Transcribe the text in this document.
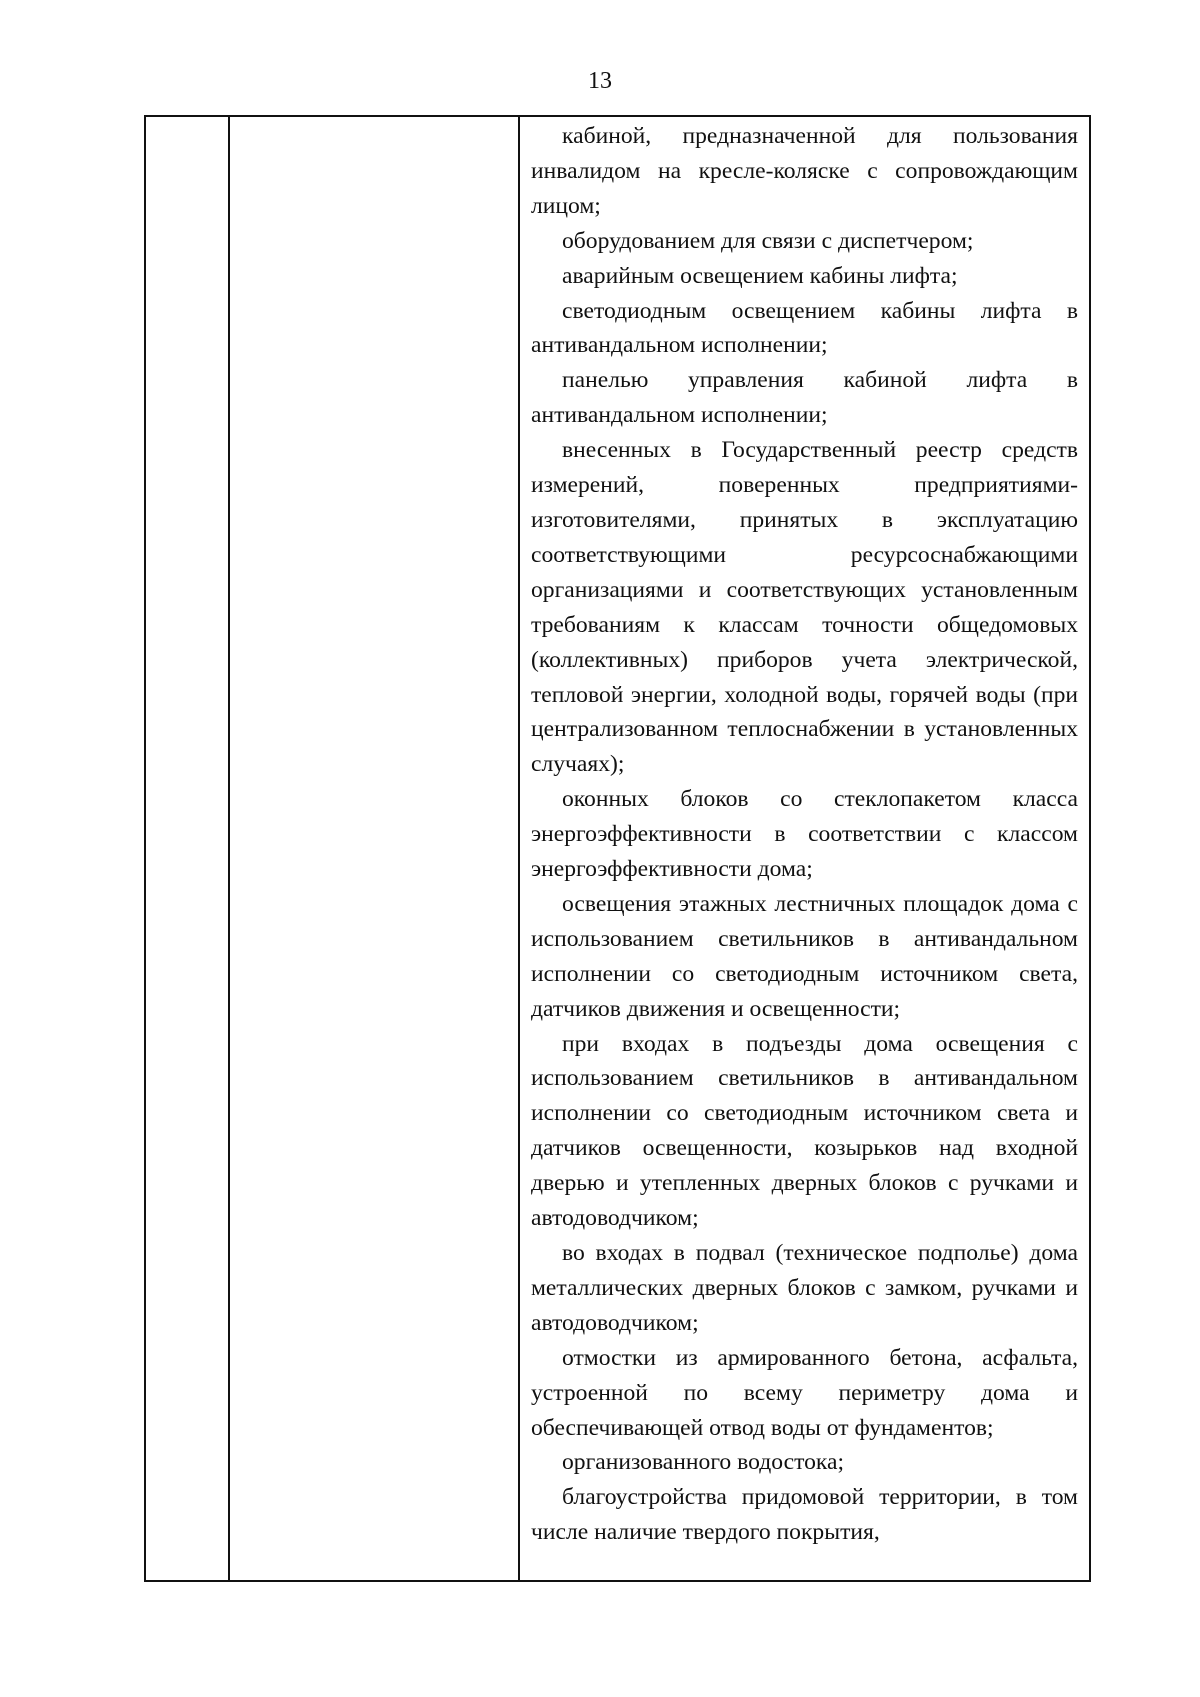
13

кабиной, предназначенной для пользования инвалидом на кресле-коляске с сопровождающим лицом;

оборудованием для связи с диспетчером;

аварийным освещением кабины лифта;

светодиодным освещением кабины лифта в антивандальном исполнении;

панелью управления кабиной лифта в антивандальном исполнении;

внесенных в Государственный реестр средств измерений, поверенных предприятиями-изготовителями, принятых в эксплуатацию соответствующими ресурсоснабжающими организациями и соответствующих установленным требованиям к классам точности общедомовых (коллективных) приборов учета электрической, тепловой энергии, холодной воды, горячей воды (при централизованном теплоснабжении в установленных случаях);

оконных блоков со стеклопакетом класса энергоэффективности в соответствии с классом энергоэффективности дома;

освещения этажных лестничных площадок дома с использованием светильников в антивандальном исполнении со светодиодным источником света, датчиков движения и освещенности;

при входах в подъезды дома освещения с использованием светильников в антивандальном исполнении со светодиодным источником света и датчиков освещенности, козырьков над входной дверью и утепленных дверных блоков с ручками и автодоводчиком;

во входах в подвал (техническое подполье) дома металлических дверных блоков с замком, ручками и автодоводчиком;

отмостки из армированного бетона, асфальта, устроенной по всему периметру дома и обеспечивающей отвод воды от фундаментов;

организованного водостока;

благоустройства придомовой территории, в том числе наличие твердого покрытия,
